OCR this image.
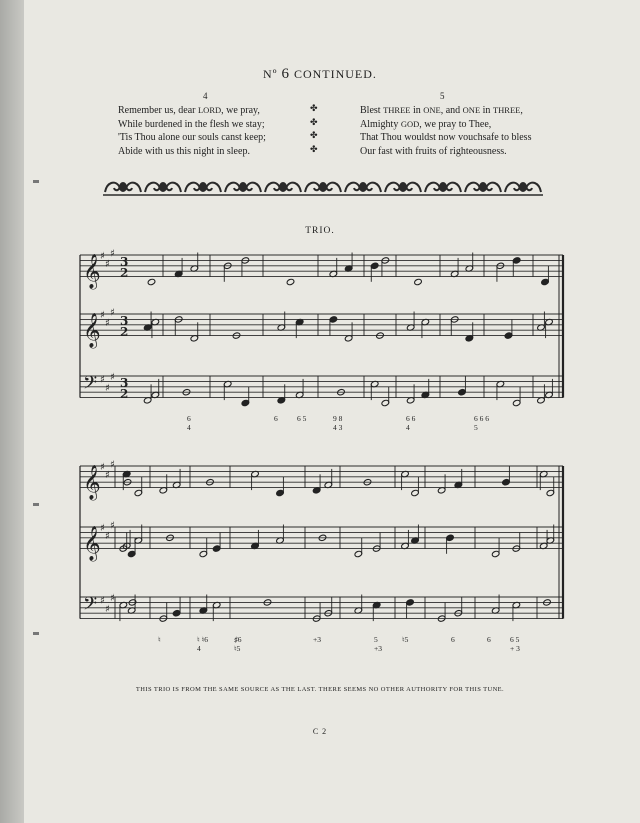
Nº 6 CONTINUED.
4
Remember us, dear LORD, we pray,
While burdened in the flesh we stay;
'Tis Thou alone our souls canst keep;
Abide with us this night in sleep.
✤
✤
✤
✤
5
Blest THREE in ONE, and ONE in THREE,
Almighty GOD, we pray to Thee,
That Thou wouldst now vouchsafe to bless
Our fast with fruits of righteousness.
TRIO.
𝄞 ♯
♯
♯
3
2
𝄞 ♯
♯
♯
3
2
𝄢 ♯
♯
♯ 3
2
𝄞 ♯
♯
♯
𝄞 ♯
♯
♯
𝄢 ♯
♯
♯
6
4
6	6 5	9 8
4 3
6 6
4
6 6 6
5
♮	♮ ♮6
4
♯6
♮5
+3	5
+3
♮5	6	6	6 5
+ 3
THIS TRIO IS FROM THE SAME SOURCE AS THE LAST. THERE SEEMS NO OTHER AUTHORITY FOR THIS TUNE.
C 2
